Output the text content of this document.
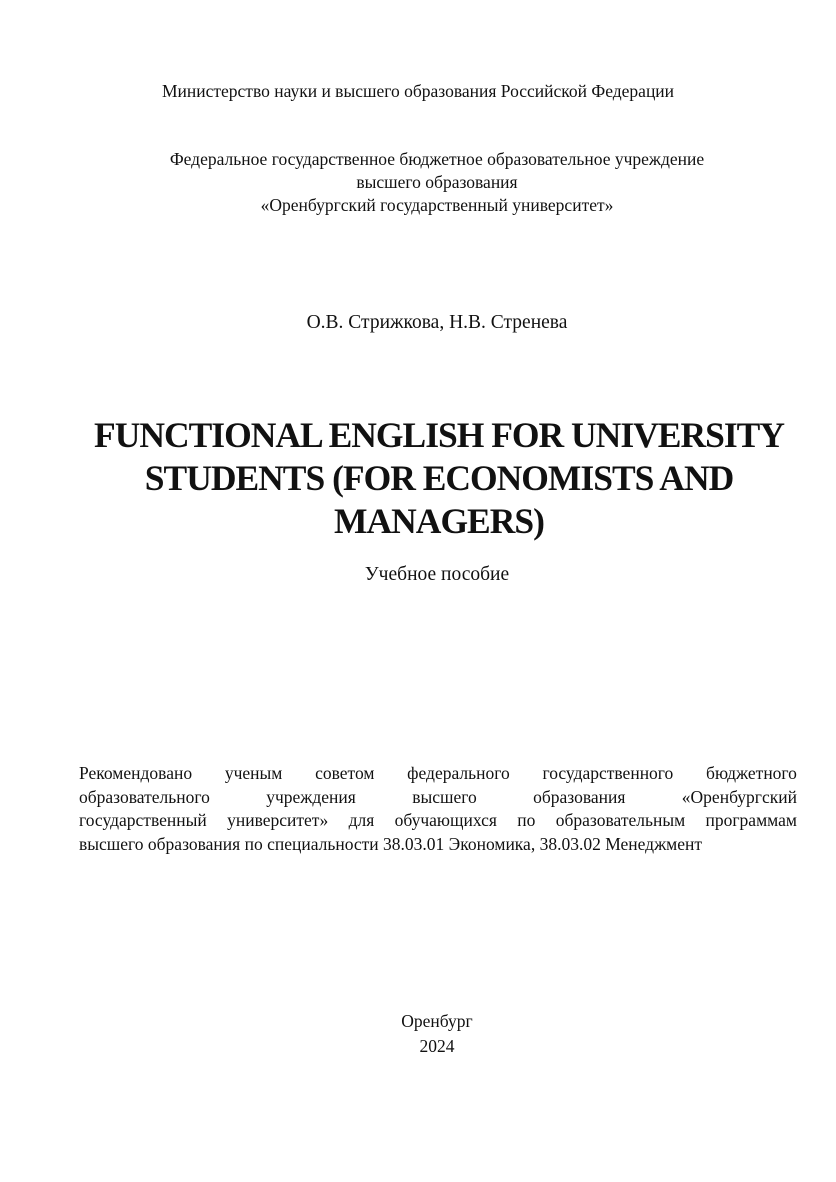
Министерство науки и высшего образования Российской Федерации
Федеральное государственное бюджетное образовательное учреждение
высшего образования
«Оренбургский государственный университет»
О.В. Стрижкова, Н.В. Стренева
FUNCTIONAL ENGLISH FOR UNIVERSITY
STUDENTS (FOR ECONOMISTS AND
MANAGERS)
Учебное пособие
Рекомендовано ученым советом федерального государственного бюджетного
образовательного	учреждения	высшего	образования	«Оренбургский
государственный университет» для обучающихся по образовательным программам
высшего образования по специальности 38.03.01 Экономика, 38.03.02 Менеджмент
Оренбург
2024
